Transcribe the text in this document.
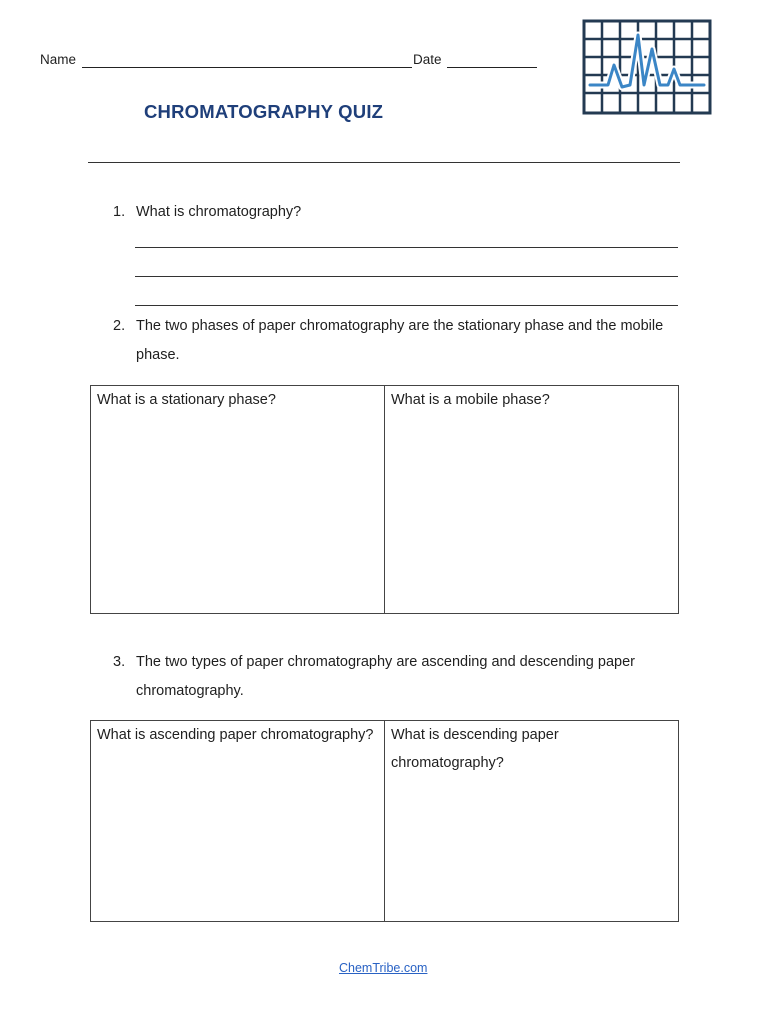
Name	Date
CHROMATOGRAPHY QUIZ
1. What is chromatography?
2. The two phases of paper chromatography are the stationary phase and the mobile phase.
What is a stationary phase?	What is a mobile phase?
3. The two types of paper chromatography are ascending and descending paper chromatography.
What is ascending paper chromatography?	What is descending paper chromatography?
ChemTribe.com
